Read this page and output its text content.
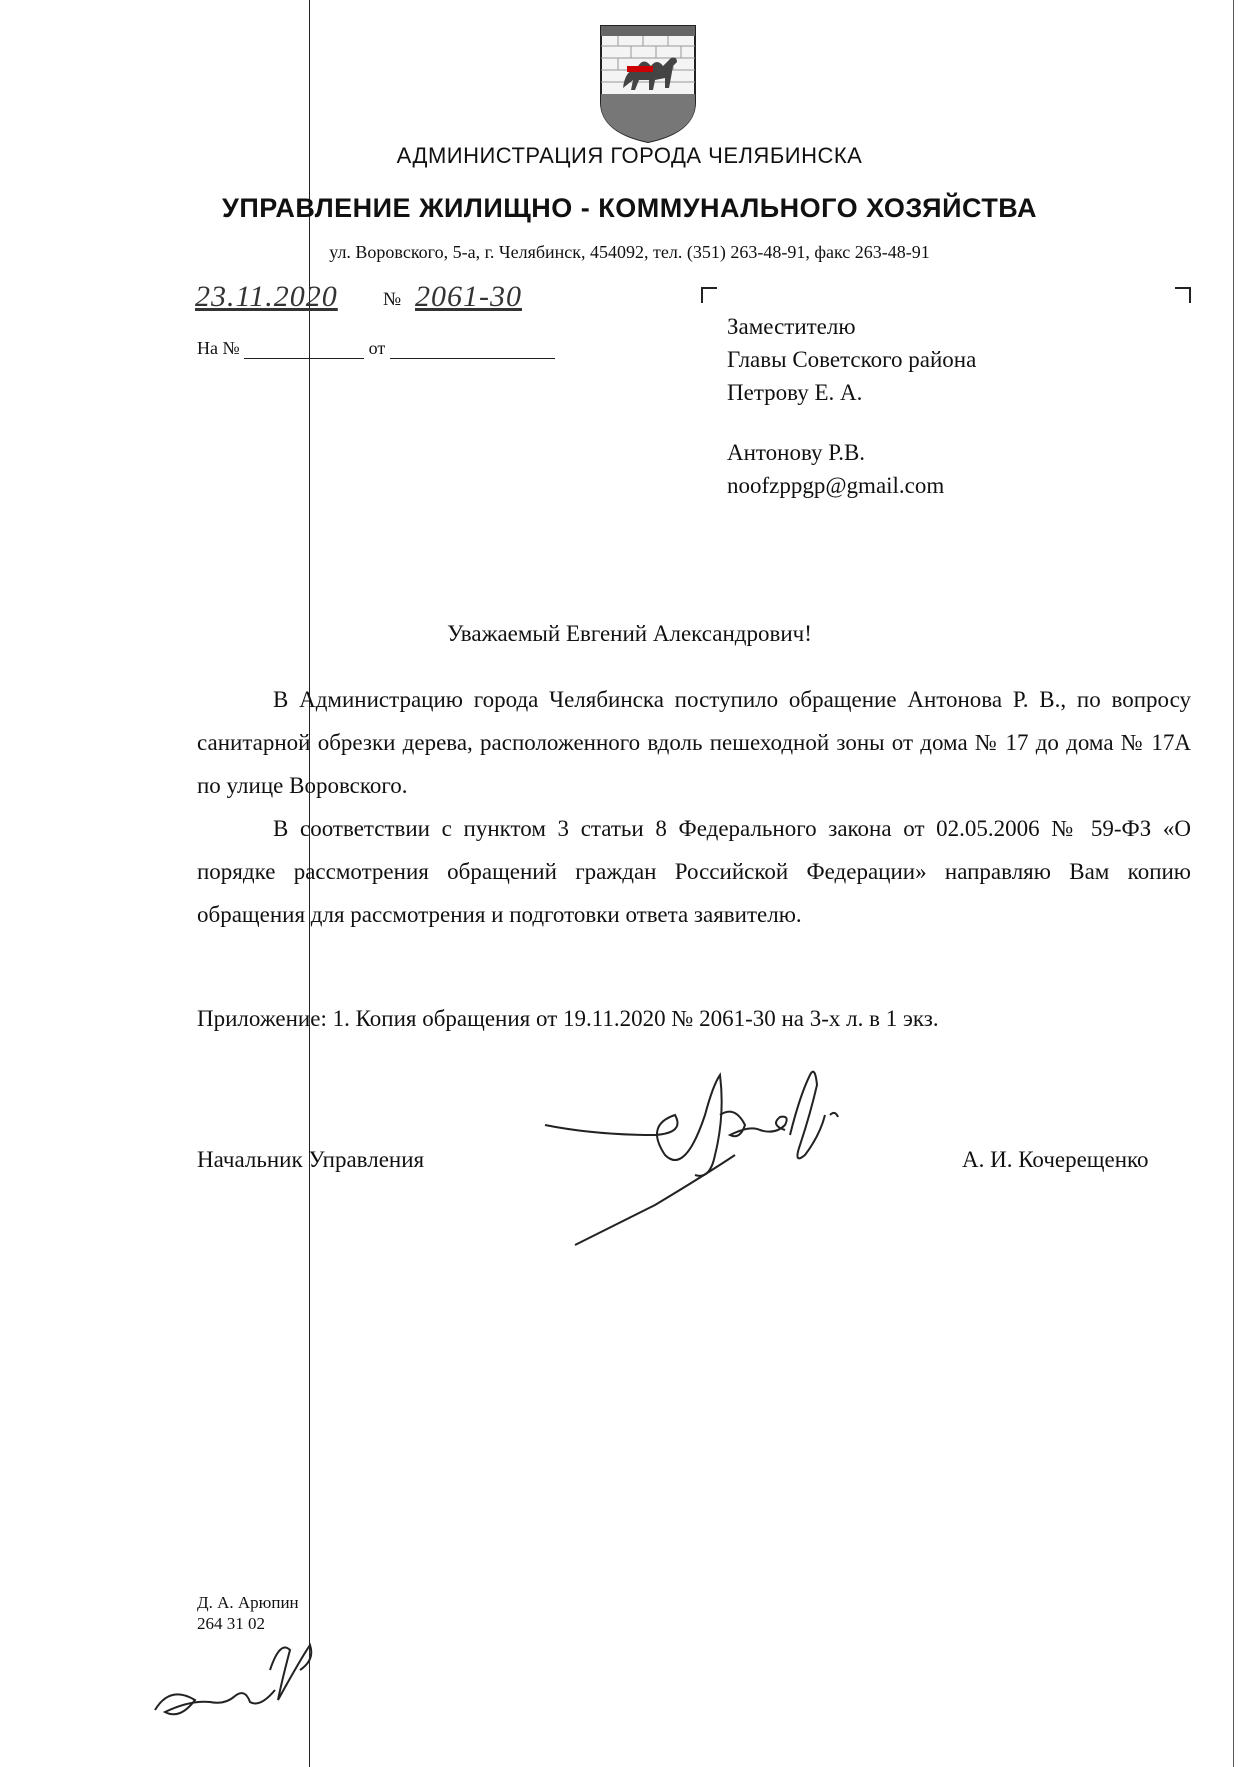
АДМИНИСТРАЦИЯ ГОРОДА ЧЕЛЯБИНСКА
УПРАВЛЕНИЕ ЖИЛИЩНО - КОММУНАЛЬНОГО ХОЗЯЙСТВА
ул. Воровского, 5-а, г. Челябинск, 454092, тел. (351) 263-48-91, факс 263-48-91
23.11.2020	№ 2061-30
На №	от
Заместителю
Главы Советского района
Петрову Е. А.
Антонову Р.В.
noofzppgp@gmail.com
Уважаемый Евгений Александрович!

В Администрацию города Челябинска поступило обращение Антонова Р. В., по вопросу санитарной обрезки дерева, расположенного вдоль пешеходной зоны от дома № 17 до дома № 17А по улице Воровского.

В соответствии с пунктом 3 статьи 8 Федерального закона от 02.05.2006 № 59-ФЗ «О порядке рассмотрения обращений граждан Российской Федерации» направляю Вам копию обращения для рассмотрения и подготовки ответа заявителю.

Приложение: 1. Копия обращения от 19.11.2020 № 2061-30 на 3-х л. в 1 экз.
Начальник Управления	А. И. Кочерещенко
Д. А. Арюпин
264 31 02
